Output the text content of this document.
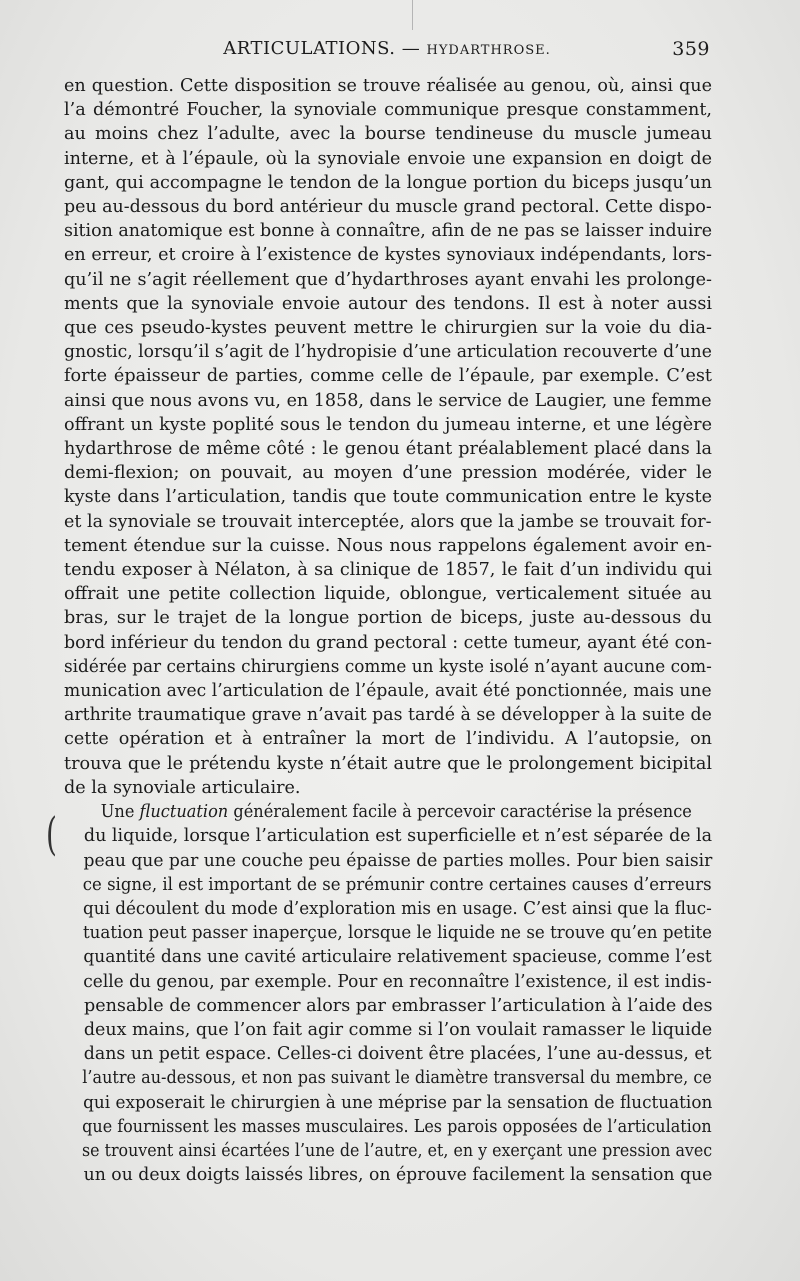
ARTICULATIONS. — HYDARTHROSE.	359
(

en question. Cette disposition se trouve réalisée au genou, où, ainsi que
l’a démontré Foucher, la synoviale communique presque constamment,
au moins chez l’adulte, avec la bourse tendineuse du muscle jumeau
interne, et à l’épaule, où la synoviale envoie une expansion en doigt de
gant, qui accompagne le tendon de la longue portion du biceps jusqu’un
peu au-dessous du bord antérieur du muscle grand pectoral. Cette dispo-
sition anatomique est bonne à connaître, afin de ne pas se laisser induire
en erreur, et croire à l’existence de kystes synoviaux indépendants, lors-
qu’il ne s’agit réellement que d’hydarthroses ayant envahi les prolonge-
ments que la synoviale envoie autour des tendons. Il est à noter aussi
que ces pseudo-kystes peuvent mettre le chirurgien sur la voie du dia-
gnostic, lorsqu’il s’agit de l’hydropisie d’une articulation recouverte d’une
forte épaisseur de parties, comme celle de l’épaule, par exemple. C’est
ainsi que nous avons vu, en 1858, dans le service de Laugier, une femme
offrant un kyste poplité sous le tendon du jumeau interne, et une légère
hydarthrose de même côté : le genou étant préalablement placé dans la
demi-flexion; on pouvait, au moyen d’une pression modérée, vider le
kyste dans l’articulation, tandis que toute communication entre le kyste
et la synoviale se trouvait interceptée, alors que la jambe se trouvait for-
tement étendue sur la cuisse. Nous nous rappelons également avoir en-
tendu exposer à Nélaton, à sa clinique de 1857, le fait d’un individu qui
offrait une petite collection liquide, oblongue, verticalement située au
bras, sur le trajet de la longue portion de biceps, juste au-dessous du
bord inférieur du tendon du grand pectoral : cette tumeur, ayant été con-
sidérée par certains chirurgiens comme un kyste isolé n’ayant aucune com-
munication avec l’articulation de l’épaule, avait été ponctionnée, mais une
arthrite traumatique grave n’avait pas tardé à se développer à la suite de
cette opération et à entraîner la mort de l’individu. A l’autopsie, on
trouva que le prétendu kyste n’était autre que le prolongement bicipital
de la synoviale articulaire.

Une fluctuation généralement facile à percevoir caractérise la présence
du liquide, lorsque l’articulation est superficielle et n’est séparée de la
peau que par une couche peu épaisse de parties molles. Pour bien saisir
ce signe, il est important de se prémunir contre certaines causes d’erreurs
qui découlent du mode d’exploration mis en usage. C’est ainsi que la fluc-
tuation peut passer inaperçue, lorsque le liquide ne se trouve qu’en petite
quantité dans une cavité articulaire relativement spacieuse, comme l’est
celle du genou, par exemple. Pour en reconnaître l’existence, il est indis-
pensable de commencer alors par embrasser l’articulation à l’aide des
deux mains, que l’on fait agir comme si l’on voulait ramasser le liquide
dans un petit espace. Celles-ci doivent être placées, l’une au-dessus, et
l’autre au-dessous, et non pas suivant le diamètre transversal du membre, ce
qui exposerait le chirurgien à une méprise par la sensation de fluctuation
que fournissent les masses musculaires. Les parois opposées de l’articulation
se trouvent ainsi écartées l’une de l’autre, et, en y exerçant une pression avec
un ou deux doigts laissés libres, on éprouve facilement la sensation que
